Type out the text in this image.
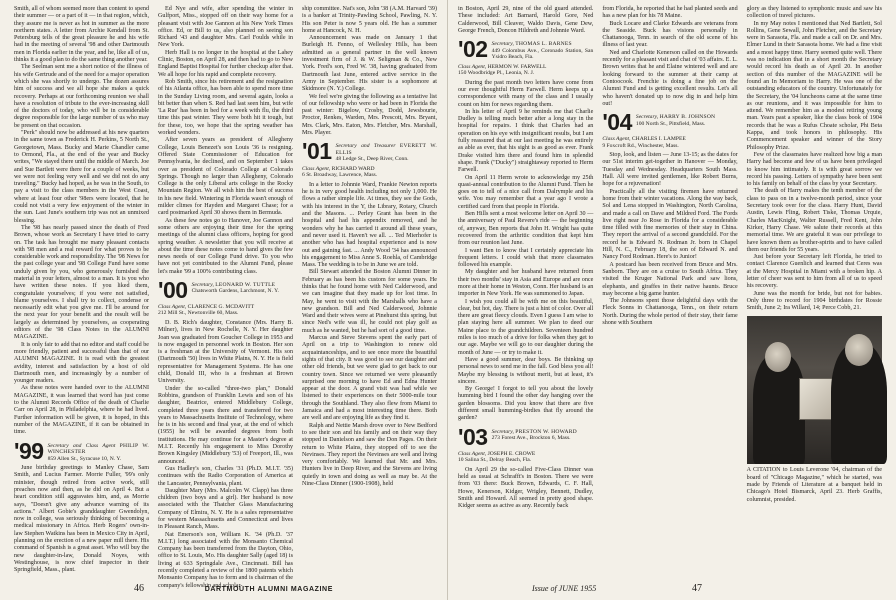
Smith, all of whom seemed more than content to spend their summer — or a part of it — in that region, which, they assure me is never as hot in summer as the more northern states. A letter from Archie Kendall from St. Petersburg tells of the great pleasure he and his wife had in the meeting of several '98 and other Dartmouth men in Florida earlier in the year, and he, like all of us, thinks it a good plan to do the same thing another year.

The Seelman sent me a short notice of the illness of his wife Gertrude and of the need for a major operation which she was shortly to undergo. The dozen assures him of success and we all hope she makes a quick recovery. Perhaps at our forthcoming reunion we shall have a resolution of tribute to the ever-increasing skill of the doctors of today, who will be in considerable degree responsible for the large number of us who may be present on that occasion.

"Perk" should now be addressed at his new quarters in the same town as Frederick H. Perkins, 5 North St., Georgetown, Mass. Bucky and Marie Chandler came to Ormond, Fla., at the end of the year and Bucky writes, "We stayed there until the middle of March. Joe and Sue Bartlett were there for a couple of weeks, but we were not feeling very well and we did not do any traveling." Bucky had hoped, as he was in the South, to pay a visit to the class members in the West Coast, where at least four other '98ers were located, that he could not visit a very few enjoyment of the winter in the sun. Last June's southern trip was not an unmixed blessing.

The '98 has nearly passed since the death of Fred Brown, whose work as Secretary I have tried to carry on. The task has brought me many pleasant contacts with '98 men and a real reward for what proves to be considerable work and responsibility. The '98 News for the past college year and '98 College Fund have some unduly given by you, who generously furnished the material in your letters, almost to a man. It is you who have written these notes. If you liked them, congratulate yourselves; if you were not satisfied, blame yourselves. I shall try to collect, condense or necessarily edit what you give me. I'll be around for the next year for your benefit and the result will be largely as determined by yourselves, as cooperating editors of the '98 Class Notes in the ALUMNI MAGAZINE.

It is only fair to add that no editor and staff could be more friendly, patient and successful than that of our ALUMNI MAGAZINE. It is read with the greatest avidity, interest and satisfaction by a host of old Dartmouth men, and increasingly by a number of younger readers.

As these notes were handed over to the ALUMNI MAGAZINE, it was learned that word has just come to the Alumni Records Office of the death of Charlie Carr on April 28, in Philadelphia, where he had lived. Further information will be given, it is hoped, in this number of the MAGAZINE, if it can be obtained in time.

'99 Secretary and Class Agent PHILIP W. WINCHESTER
859 Allen St., Syracuse 10, N. Y.

June birthday greetings to Manley Chase, Sam Smith, and Lucius Farmer. Morrie Fuller, '99's only minister, though retired from active work, still preaches now and then, as he did on April 4. But a heart condition still aggravates him, and, as Morrie says, "Doesn't give any advance warning of its actions." Albert Gobie's granddaughter Gwendolyn, now in college, was seriously thinking of becoming a medical missionary in Africa. Herb Rogers' own-in-law Stephen Watkins has been in Mexico City in April, planning on the erection of a new paper mill there. His command of Spanish is a great asset. Who will buy the new daughter-in-law, Donald Noyes, with Westinghouse, is now chief inspector in their Springfield, Mass., plant.

Ed Nye and wife, after spending the winter in Gulfport, Miss., stopped off on their way home for a pleasant visit with Joe Gannon at his New York Times office. Ed, or Bill to us, also planned on seeing son Richard '43 and daughter Mrs. Carl Foulds while in New York.

Herb Hall is no longer in the hospital at the Lahey Clinic, Boston, on April 28, and then had to go to New England Baptist Hospital for further checkup after that. We all hope for his rapid and complete recovery.

Rob Smith, since his retirement and the resignation of his Atlanta office, has been able to spend more time in the Sunday Living room, and several again, looks a bit better than when S. Red had last seen him, but wife 'La Rue' has been in bed for a week with flu, the third time this past winter. They were both hit it tough, but for these, too, we hope that the spring weather has worked wonders.

After seven years as president of Allegheny College, Louis Benezet's son Louis '36 is resigning. Offered State Commissioner of Education for Pennsylvania, he declined, and on September 1 takes over as president of Colorado College at Colorado Springs. Though no larger than Allegheny, Colorado College is the only Liberal arts college in the Rocky Mountain Region. We all wish him the best of success in his new field. Wintering in Florida wasn't enough of milder climes for Hayden and Margaret Chase; for a card postmarked April 30 shows them in Bermuda.

As these few notes go to Hanover, Joe Gannon and some others are enjoying their time for the spring meetings of the alumni class officers, hoping for good spring weather. A newsletter that you will receive at about the time these notes come to hand gives the few news needs of our College Fund drive. To you who have not yet contributed to the Alumni Fund, please let's make '99 a 100% contributing class.

'00 Secretary, LEONARD W. TUTTLE
Chatsworth Gardens, Larchmont, N. Y.
Class Agent, CLARENCE G. MCDAVITT
212 Mill St., Newtonville 60, Mass.

D. B. Rich's daughter, Constance (Mrs. Harry B. Milner), lives in New Rochelle, N. Y. Her daughter Joan was graduated from Goucher College in 1953 and is now engaged in personnel work in Boston. Her son is a freshman at the University of Vermont. His son (Dartmouth '50) lives in White Plains, N. Y. He is field representative for Management Systems. He has one child, Donald III, who is a freshman at Brown University.

Under the so-called "three-two plan," Donald Robbins, grandson of Franklin Lewis and son of his daughter, Beatrice, entered Middlebury College, completed three years there and transferred for two years to Massachusetts Institute of Technology, where he is in his second and final year, at the end of which (1955) he will be awarded degrees from both institutions. He may continue for a Master's degree at M.I.T. Recently his engagement to Miss Dorothy Brown Kingsley (Middlebury '53) of Freeport, Ill., was announced.

Gus Hadley's son, Charles '31 (Ph.D. M.I.T. '35) continues with the Radio Corporation of America at the Lancaster, Pennsylvania, plant.

Daughter Mary (Mrs. Malcolm W. Clapp) has three children (two boys and a girl). Her husband is now associated with the Thatcher Glass Manufacturing Company of Elmira, N. Y. He is a sales representative for western Massachusetts and Connecticut and lives in Pleasant Ranch, Mass.

Nat Emerson's son, William K. '34 (Ph.D. '37 M.I.T.) long associated with the Monsanto Chemical Company has been transferred from the Dayton, Ohio, office to St. Louis, Mo. His daughter Sally (aged 18) is living at 633 Springdale Ave., Cincinnati. Bill has recently completed a review of the 1800 patents which Monsanto Company has to form and is chairman of the company's fellowship and scholar-

ship committee. Nat's son, John '38 (A.M. Harvard '39) is a banker at Trinity-Pawling School, Pawling, N. Y. His son Peter is now 5 years old. He has a summer home at Hancock, N. H.

Announcement was made on January 1 that Burleigh H. Fenno, of Wellesley Hills, has been admitted as a general partner in the well known investment firm of J. & W. Seligman & Co., New York. Fred's son, Fred W. '38, having graduated from Dartmouth last June, entered active service in the Army in September. His sister is a sophomore at Skidmore (N. Y.) College.

We feel we're giving the following as a tentative list of our fellowship who were or had been in Florida the past winter: Bigelow, Crosby, Dodd, Jewsbourie, Proctor, Renkes, Warden, Mrs. Prescott, Mrs. Bryant, Mrs. Clark, Mrs. Eaton, Mrs. Fletcher, Mrs. Marshall, Mrs. Player.

'01 Secretary and Treasurer EVERETT W. ELLIS
48 Ledge St., Deep River, Conn.
Class Agent, RICHARD WARD
6 St. Broadway, Lawrence, Mass.

In a letter to Johnnie Ward, Frankie Newton reports he is in very good health including not only 1,000. He flows a rather simple life. At times, they see the Gods, with his interest in the Y, the Library, Rotary, Church and the Masons. ... Perley Grant has been in the hospital and had his appendix removed, and he wonders why he has carried it around all these years, and never used it. Haven't we all. ... Ted Mierhofer is another who has had hospital experience and is now out and gaining fast. ... Andy Wood '34 has announced his engagement to Miss Anne S. Roehla, of Cambridge Mass. The wedding is to be in June we are told.

Bill Stewart attended the Boston Alumni Dinner in February as has been his custom for some years. He thinks that he found home with Ned Calderwood, and we can imagine that they made up for lost time. In May, he went to visit with the Marshalls who have a new grandson. Bill and Ned Calderwood, Johnnie Ward and their wives were at Pinehurst this spring, but since Ned's wife was ill, he could not play golf as much as he wanted, but he had sort of a good time.

Marcus and Steve Stevens spent the early part of April on a trip to Washington to renew old acquaintanceships, and to see once more the beautiful sights of that city. It was good to see our daughter and other old friends, but we were glad to get back to our country town. Since we returned we were pleasantly surprised one morning to have Ed and Edna Hunter appear at the door. A grand visit was had while we listened to their experiences on their 5000-mile tour through the Southland. They also flew from Miami to Jamaica and had a most interesting time there. Both are well and are enjoying life as they find it.

Ralph and Nettie Marsh drove over to New Bedford to see their son and his family and on their way they stopped in Danielson and saw the Don Pages. On their return to White Plains, they stopped off to see the Nevinses. They report the Nevinses are well and living very comfortably. We learned that Mr. and Mrs. Hunters live in Deep River, and the Stevens are living quietly in town and doing as well as may be. At the Nine-Class Dinner (1900-1908), held

46	DARTMOUTH ALUMNI MAGAZINE

in Boston, April 29, nine of the old guard attended. These included: Art Barnard, Harold Gore, Ned Calderwood, Bill Cleaver, Waldo Davis, Gene Dew, George French, Doncon Hildreth and Johnnie Ward.

'02 Secretary, THOMAS L. BARNES
449 Colombus Ave., Coronado Station, San Ysidro Beach, Fla.
Class Agent, HERMON W. FARWELL
150 Woodbridge Pl., Leonia, N. J.

During the past month two letters have come from our ever thoughtful Herm Farwell. Herm keeps up a correspondence with many of the class and I usually count on him for news regarding them.

In his letter of April 9 he reminds me that Charlie Dudley is telling much better after a long stay in the hospital for repairs. I think that Charles had an operation on his eye with insignificant results, but I am fully reassured that at our last meeting he was entirely as able as ever, that his sight is as good as ever. Frank Drake visited him there and found him in splendid shape. Frank ("Ducky") straightaway reported to Herm Farwell.

On April 11 Herm wrote to acknowledge my 25th quasi-annual contribution to the Alumni Fund. Then he goes on to tell of a nice call from Dalrymple and his wife. You may remember that a year ago I wrote a certified card from that people in Florida.

Ben Hills sent a most welcome letter on April 30 — the anniversary of Paul Revere's ride — the beginning of, anyway, Ben reports that John H. Wright has quite recovered from the arthritic condition that kept him from our reunion last June.

I want Ben to know that I certainly appreciate his frequent letters. I could wish that more classmates followed his example.

My daughter and her husband have returned from their two months' stay in Asia and Europe and are once more at their home in Weston, Conn. Her husband is an importer in New York. He was summoned to Japan.

I wish you could all be with me on this beautiful, clear, but hot, day. There is just a hint of color. Over all there are great fleecy clouds. Even I guess I am wise to plan staying here all summer. We plan to deed our Maine place to the grandchildren. Seventeen hundred miles is too much of a drive for folks when they get to our age. Maybe we will go to our daughter during the month of June — or try to make it.

Have a good summer, dear boys. Be thinking up personal news to send me in the fall. God bless you all! Maybe my blessing is without merit, but at least, it's sincere.

By George! I forgot to tell you about the lovely humming bird I found the other day hanging over the garden blossoms. Did you know that there are five different small humming-birdies that fly around the garden?

'03 Secretary, PRESTON W. HOWARD
273 Forest Ave., Brockton 6, Mass.
Class Agent, JOSEPH E. CROWE
10 Salina St., Delray Beach, Fla.

On April 29 the so-called Five-Class Dinner was held as usual at Schrafft's in Boston. There we were from '03 there: Buck Brown, Edwards, C. F. Hall, Howe, Kenerson, Kidger, Wrigley, Bennett, Dudley, Smith and Howard. All seemed in pretty good shape. Kidger seems as active as any. Recently back

from Florida, he reported that he had planted seeds and has a new plan for his 78 Maine.

Buck Locare and Clarke Edwards are veterans from the Seaside. Buck has visions personally in Chattanooga, Tenn. in search of the old scene of his illness of last year.

Ned and Charlotte Kenerson called on the Howards recently for a pleasant visit and chat of '03 affairs. E. L. Brown writes that he and Elaine wintered well and are looking forward to the summer at their camp at Contoocook. Frenchie is doing a fine job on the Alumni Fund and is getting excellent results. Let's all who haven't donated up to now dig in and help him out!

'04 Secretary, HARRY B. JOHNSON
100 North St., Pittsfield, Mass.
Class Agent, CHARLES I. LAMPEE
9 Foxcroft Rd., Winchester, Mass.

Stop, look, and listen — June 13-15; as the dates for our 51st interim get-together in Hanover — Monday, Tuesday and Wednesday. Headquarters South Mass. Hall. All were invited gentlemen, like Robert Burns, hope for a rejuvenation!

Practically all the visiting firemen have returned home from their winter vacations. Along the way back, Sol and Lena stopped in Washington, North Carolina, and made a call on Dave and Mildred Ford. The Fords live right near Jo Rose in Florida for a considerable time filled with fine memories of their stay in China. They report the arrival of a second grandchild. For the record he is Edward N. Rodman Jr. born in Chapel Hill, N. C., February 18, the son of Edward N. and Nancy Ford Rodman. Here's to Junior!

A postcard has been received from Bruce and Mrs. Sanborn. They are on a cruise to South Africa. They visited the Kruger National Park and saw lions, elephants, and giraffes in their native haunts. Bruce may become a big game hunter.

The Johnsons spent those delightful days with the Fleck Sonns in Chattanooga, Tenn., on their return North. During the whole period of their stay, their fame shone with Southern

glory as they listened to symphonic music and saw his collection of travel pictures.

In my May notes I mentioned that Ned Bartlett, Sol Rollins, Gene Sewall, John Fletcher, and the Secretary were in Sarasota, Fla. and made a call on Dr. and Mrs. Elmer Lund in their Sarasota home. We had a fine visit and a most happy time. Harry seemed quite well. There was no indication that in a short month the Secretary would record his death as of April 20. In another section of this number of the MAGAZINE will be found an In Memoriam to Harry. He was one of the outstanding educators of the country. Unfortunately for the Secretary, the '04 luncheons came at the same time as our reunions, and it was impossible for him to attend. We remember him as a modest retiring young man. Years past a speaker, like the class book of 1904 records that he was a Rufus Choate scholar, Phi Beta Kappa, and took honors in philosophy. His Commencement speaker and winner of the Story Philosophy Prize.

Few of the classmates have realized how big a man Harry had become and few of us have been privileged to know him intimately. It is with great sorrow we record his passing. Letters of sympathy have been sent to his family on behalf of the class by your Secretary.

The death of Harry makes the tenth member of the class to pass on in a twelve-month period, since your Secretary took over for the class. Harry Hunt, David Austin, Lewis Fling, Robert Tiske, Thomas Urquie, Charles MacKnight, Walter Russell, Fred Kent, John Kirker, Harry Chase. We salute their records at this memorial time. We are grateful it was our privilege to have known them as brother-spirits and to have called them our friends for 55 years.

Just before your Secretary left Florida, he tried to contact Clarence Guenlich and learned that Ceres was at the Mercy Hospital in Miami with a broken hip. A letter of cheer was sent to him from all of us to speed his recovery.

June was the month for bride, but not for babies. Only three to record for 1904 birthdates for Rossie Smith, June 2; Ira Willard, 14; Perce Cobb, 21.

A CITATION to Louis Leverone '04, chairman of the board of "Chicago Magazine," which he started, was made by Friends of Literature at a banquet held in Chicago's Hotel Bismarck, April 23. Herb Graffis, columnist, presided.
Issue of JUNE 1955	47
